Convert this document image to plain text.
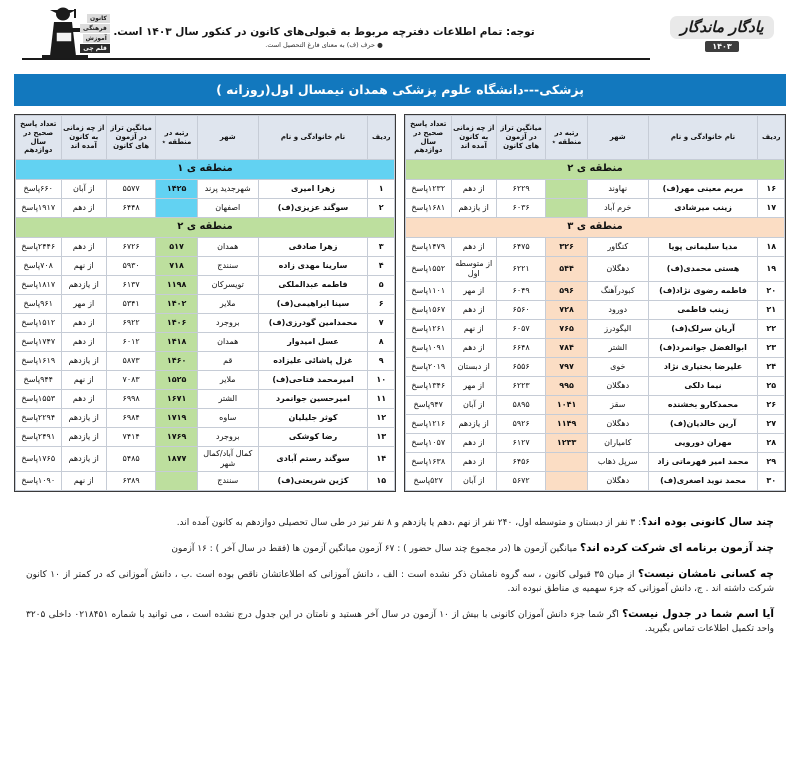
کانون
فرهنگی
آموزش
قلم چی
توجه: تمام اطلاعات دفترچه مربوط به قبولی‌های کانون در کنکور سال ۱۴۰۳ است.
● حرف (ف) به معنای فارغ التحصیل است.
یادگار ماندگار
۱۴۰۳
پزشکی---دانشگاه علوم پزشکی همدان نیمسال اول(روزانه )
ردیف	نام خانوادگی و نام	شهر	رتبه در منطقه ٭	میانگین تراز در آزمون های کانون	از چه زمانی به کانون آمده اند	تعداد پاسخ صحیح در سال دوازدهم
منطقه ی ۱						
۱	زهرا امیری	شهرجدید پرند	۱۴۲۵	۵۵۷۷	از آبان	۶۶۰پاسخ
۲	سوگند عزیزی(ف)	اصفهان		۶۴۴۸	از دهم	۱۹۱۷پاسخ
منطقه ی ۲						
۳	زهرا صادقی	همدان	۵۱۷	۶۷۲۶	از دهم	۲۴۴۶پاسخ
۴	سارینا مهدی زاده	سنندج	۷۱۸	۵۹۳۰	از نهم	۷۰۸پاسخ
۵	فاطمه عبدالملکی	تویسرکان	۱۱۹۸	۶۱۳۷	از یازدهم	۱۸۱۷پاسخ
۶	سینا ابراهیمی(ف)	ملایر	۱۴۰۲	۵۳۴۱	از مهر	۹۶۱پاسخ
۷	محمدامین گودرزی(ف)	بروجرد	۱۴۰۶	۶۹۲۲	از دهم	۱۵۱۲پاسخ
۸	عسل امیدوار	همدان	۱۴۱۸	۶۰۱۲	از دهم	۱۷۴۷پاسخ
۹	غزل پاشائی علیزاده	قم	۱۴۶۰	۵۸۷۳	از یازدهم	۱۶۱۹پاسخ
۱۰	امیرمحمد فتاحی(ف)	ملایر	۱۵۲۵	۷۰۸۳	از نهم	۹۴۴پاسخ
۱۱	امیرحسین جوانمرد	الشتر	۱۶۷۱	۶۹۹۸	از دهم	۱۵۵۳پاسخ
۱۲	کوثر جلیلیان	ساوه	۱۷۱۹	۶۹۸۴	از یازدهم	۲۲۹۴پاسخ
۱۳	رضا کوشکی	بروجرد	۱۷۶۹	۷۴۱۴	از یازدهم	۲۴۹۱پاسخ
۱۴	سوگند رستم آبادی	کمال آباد/کمال شهر	۱۸۷۷	۵۴۸۵	از یازدهم	۱۷۶۵پاسخ
۱۵	کژین شریعتی(ف)	سنندج		۶۳۸۹	از نهم	۱۰۹۰پاسخ
ردیف	نام خانوادگی و نام	شهر	رتبه در منطقه ٭	میانگین تراز در آزمون های کانون	از چه زمانی به کانون آمده اند	تعداد پاسخ صحیح در سال دوازدهم
منطقه ی ۲						
۱۶	مریم معینی مهر(ف)	نهاوند		۶۲۲۹	از دهم	۱۲۳۲پاسخ
۱۷	زینب میرشادی	خرم آباد		۶۰۳۶	از یازدهم	۱۶۸۱پاسخ
منطقه ی ۳						
۱۸	مدیا سلیمانی پویا	کنگاور	۳۲۶	۶۴۷۵	از دهم	۱۴۷۹پاسخ
۱۹	هستی محمدی(ف)	دهگلان	۵۴۴	۶۲۲۱	از متوسطه اول	۱۵۵۲پاسخ
۲۰	فاطمه رضوی نژاد(ف)	کبودرآهنگ	۵۹۶	۶۰۴۹	از مهر	۱۱۰۱پاسخ
۲۱	زینب فاطمی	دورود	۷۲۸	۶۵۶۰	از دهم	۱۵۶۷پاسخ
۲۲	آریان سرلک(ف)	الیگودرز	۷۶۵	۶۰۵۷	از نهم	۱۲۶۱پاسخ
۲۳	ابوالفضل جوانمرد(ف)	الشتر	۷۸۴	۶۶۴۸	از دهم	۱۰۹۱پاسخ
۲۴	علیرضا بختیاری نژاد	خوی	۷۹۷	۶۵۵۶	از دبستان	۲۰۱۹پاسخ
۲۵	نیما دلکی	دهگلان	۹۹۵	۶۲۲۳	از مهر	۱۳۴۶پاسخ
۲۶	محمدکارو بخشنده	سقز	۱۰۴۱	۵۸۹۵	از آبان	۹۴۷پاسخ
۲۷	آرین خالدیان(ف)	دهگلان	۱۱۴۹	۵۹۲۶	از یازدهم	۱۲۱۶پاسخ
۲۸	مهران دورویی	کامیاران	۱۲۳۳	۶۱۲۷	از دهم	۱۰۵۷پاسخ
۲۹	محمد امیر قهرماتی زاد	سرپل ذهاب		۶۴۵۶	از دهم	۱۶۳۸پاسخ
۳۰	محمد نوید اصغری(ف)	دهگلان		۵۶۷۲	از آبان	۵۲۷پاسخ
چند سال کانونی بوده اند؟: ۳ نفر از دبستان و متوسطه اول، ۲۴۰ نفر از نهم ،دهم یا یازدهم و ۸ نفر نیز در طی سال تحصیلی دوازدهم به کانون آمده اند.
چند آزمون برنامه ای شرکت کرده اند؟ میانگین آزمون ها (در مجموع چند سال حضور ) : ۶۷ آزمون میانگین آزمون ها (فقط در سال آخر ) : ۱۶ آزمون
چه کسانی نامشان نیست؟ از میان ۳۵ قبولی کانون ، سه گروه نامشان ذکر نشده است : الف ، دانش آموزانی که اطلاعاتشان ناقص بوده است .ب ، دانش آموزانی که در کمتر از ۱۰ کانون شرکت داشته اند . ج، دانش آموزانی که جزء سهمیه ی مناطق نبوده اند.
آیا اسم شما در جدول نیست؟ اگر شما جزء دانش آموزان کانونی با بیش از ۱۰ آزمون در سال آخر هستید و نامتان در این جدول درج نشده است ، می توانید با شماره ۰۲۱۸۴۵۱ داخلی ۳۲۰۵ واحد تکمیل اطلاعات تماس بگیرید.
